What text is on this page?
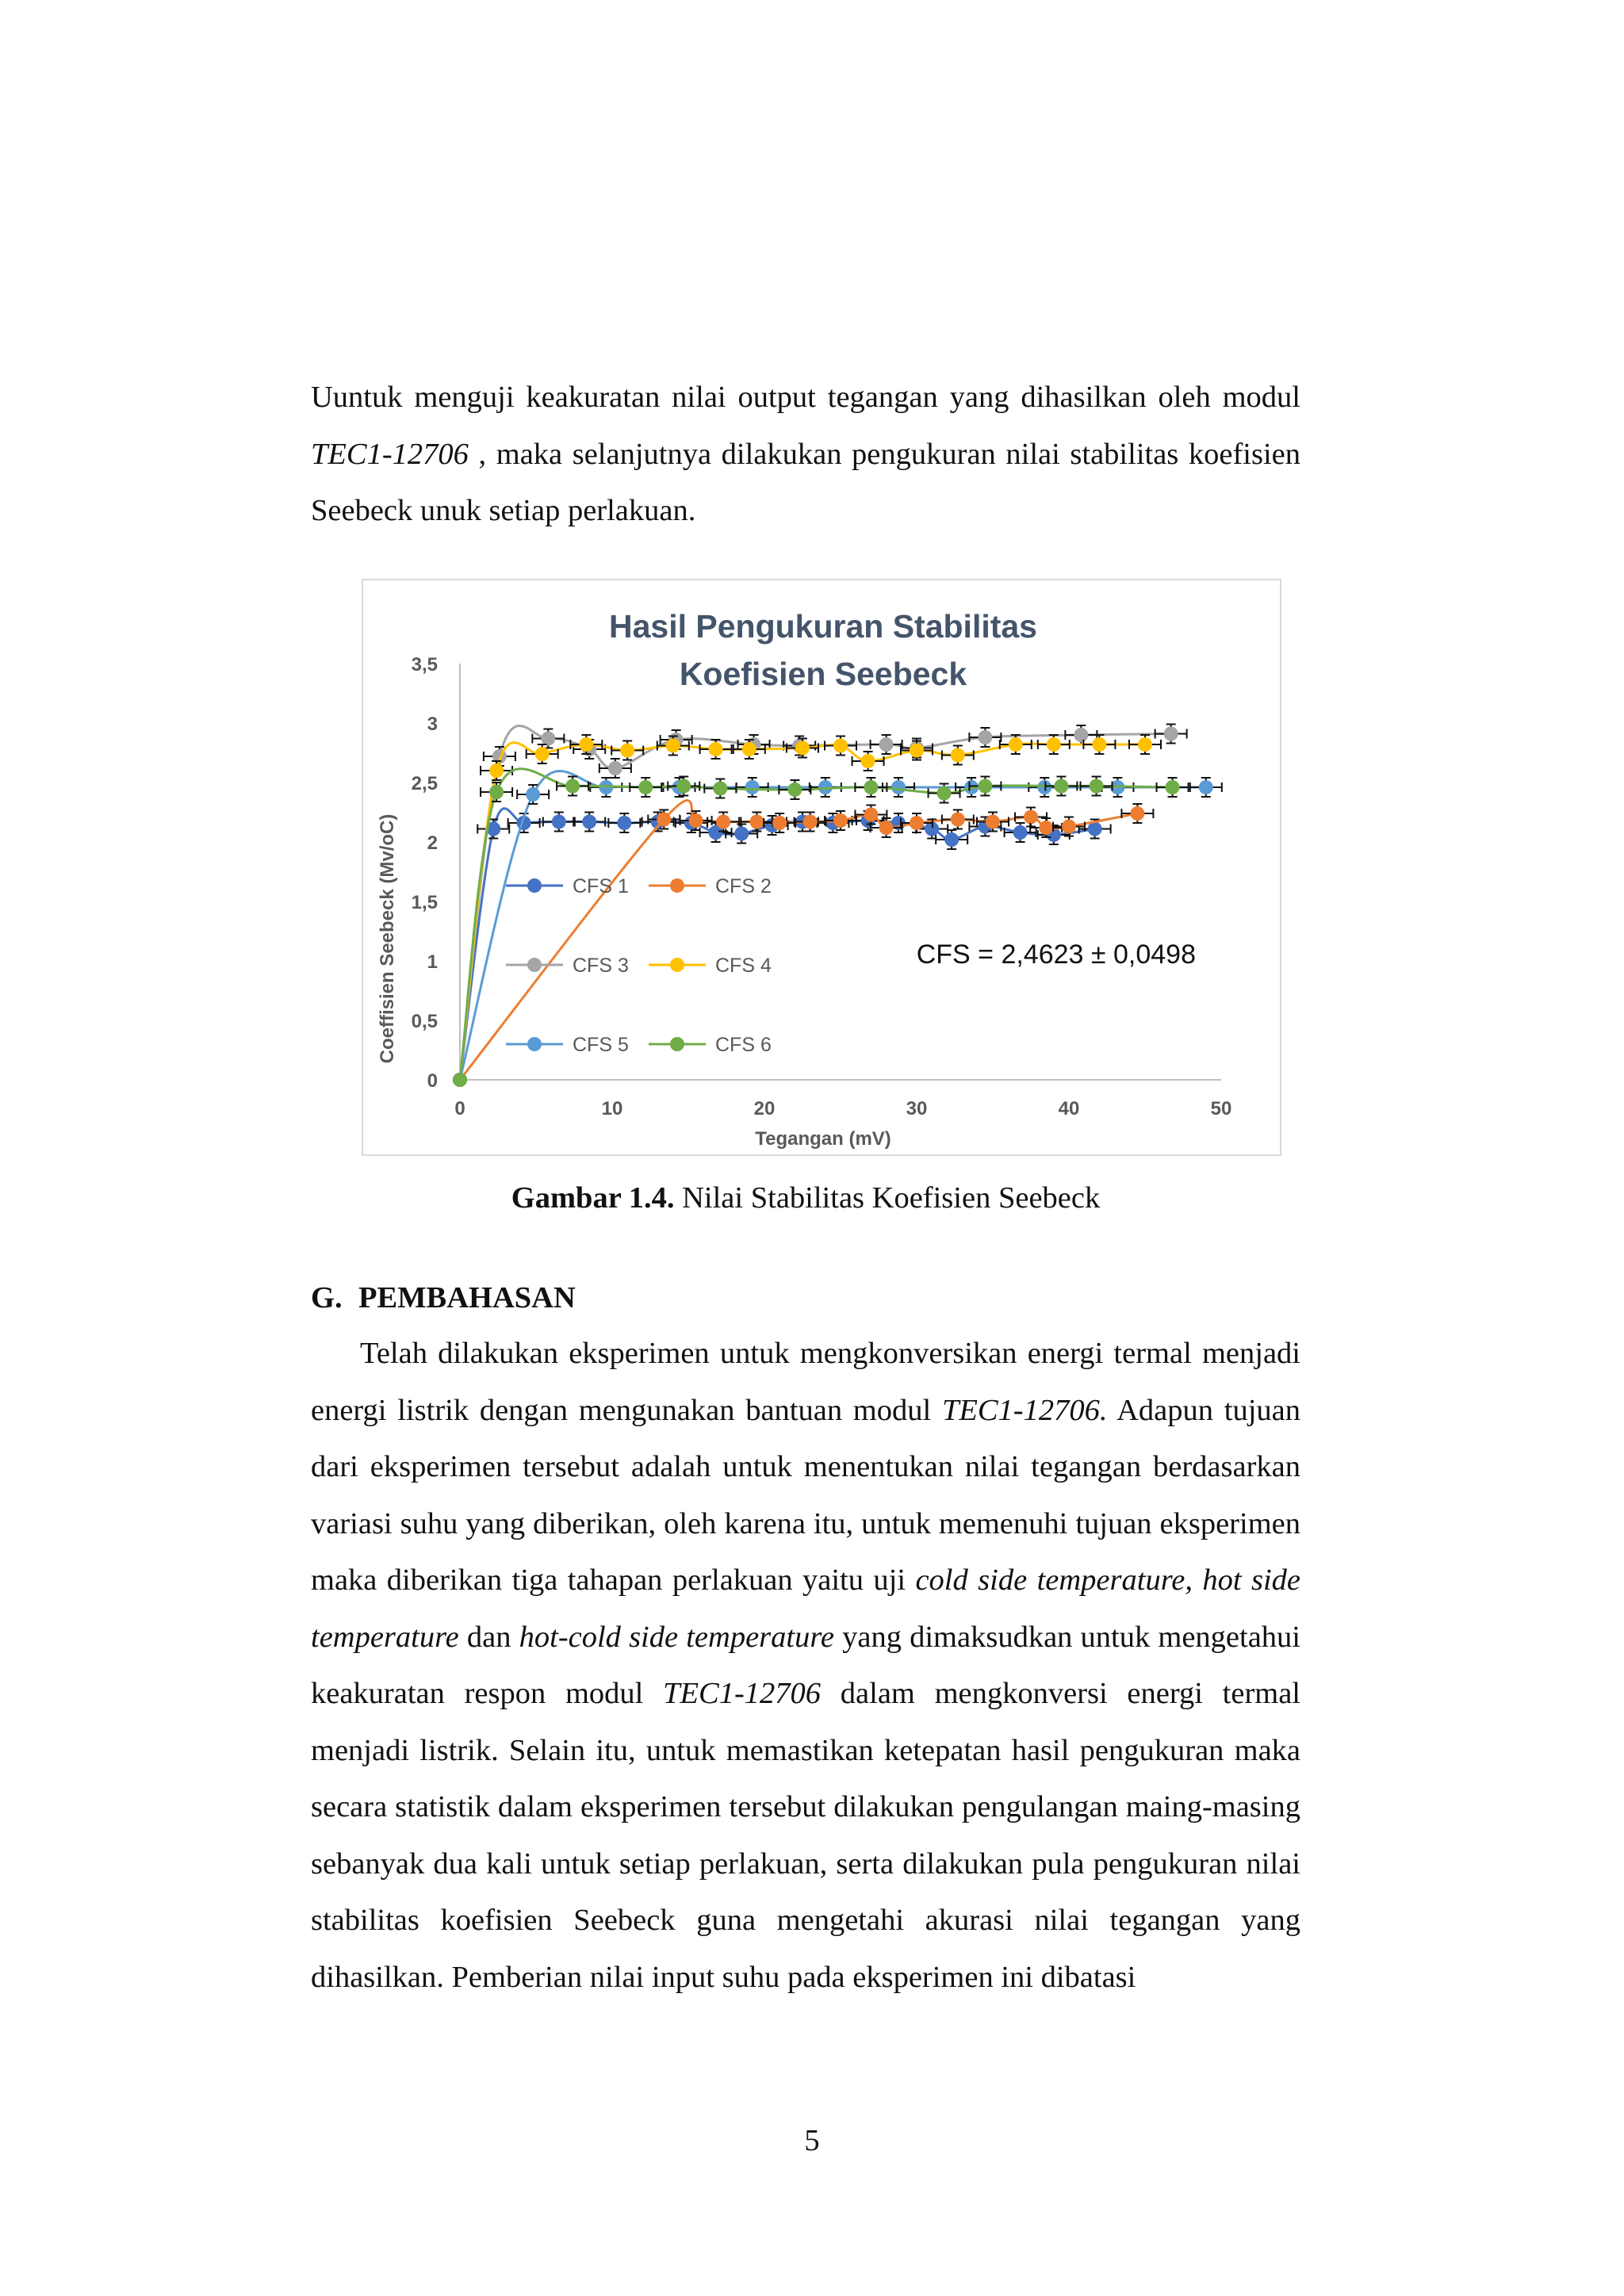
Uuntuk menguji keakuratan nilai output tegangan yang dihasilkan oleh modul TEC1-12706 , maka selanjutnya dilakukan pengukuran nilai stabilitas koefisien Seebeck unuk setiap perlakuan.

Hasil Pengukuran Stabilitas
Koefisien Seebeck
0
0,5
1
1,5
2
2,5
3
3,5
0	10	20	30	40	50
CFS 1	CFS 2
CFS 3	CFS 4
CFS 5	CFS 6
CFS = 2,4623 ± 0,0498
Tegangan (mV)
Coeffisien Seebeck (Mv/oC)
Gambar 1.4. Nilai Stabilitas Koefisien Seebeck
G. PEMBAHASAN

Telah dilakukan eksperimen untuk mengkonversikan energi termal menjadi energi listrik dengan mengunakan bantuan modul TEC1-12706. Adapun tujuan dari eksperimen tersebut adalah untuk menentukan nilai tegangan berdasarkan variasi suhu yang diberikan, oleh karena itu, untuk memenuhi tujuan eksperimen maka diberikan tiga tahapan perlakuan yaitu uji cold side temperature, hot side temperature dan hot-cold side temperature yang dimaksudkan untuk mengetahui keakuratan respon modul TEC1-12706 dalam mengkonversi energi termal menjadi listrik. Selain itu, untuk memastikan ketepatan hasil pengukuran maka secara statistik dalam eksperimen tersebut dilakukan pengulangan maing-masing sebanyak dua kali untuk setiap perlakuan, serta dilakukan pula pengukuran nilai stabilitas koefisien Seebeck guna mengetahi akurasi nilai tegangan yang dihasilkan. Pemberian nilai input suhu pada eksperimen ini dibatasi

5
